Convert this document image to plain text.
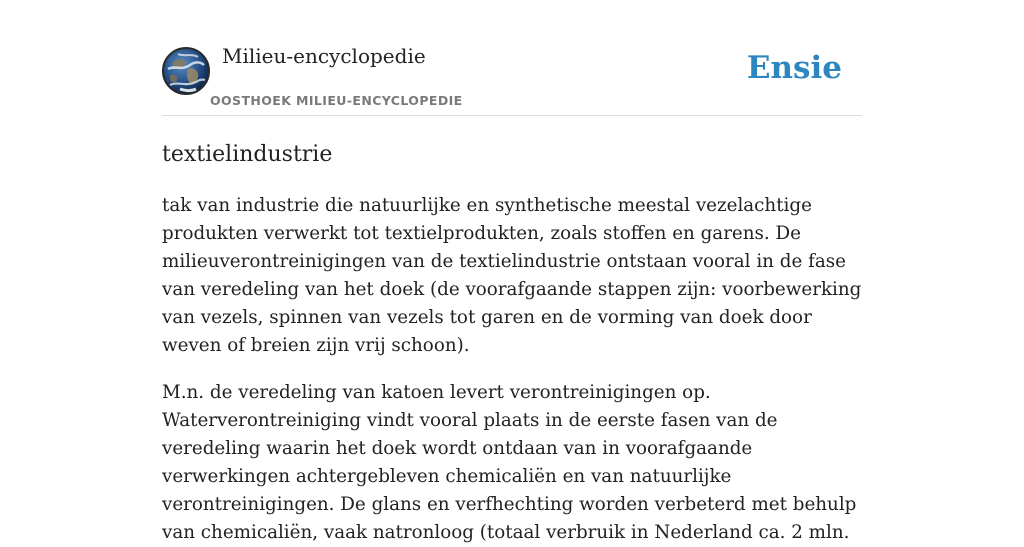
Milieu-encyclopedie
OOSTHOEK MILIEU-ENCYCLOPEDIE
Ensie
textielindustrie

tak van industrie die natuurlijke en synthetische meestal vezelachtige produkten verwerkt tot textielprodukten, zoals stoffen en garens. De milieuverontreinigingen van de textielindustrie ontstaan vooral in de fase van veredeling van het doek (de voorafgaande stappen zijn: voorbewerking van vezels, spinnen van vezels tot garen en de vorming van doek door weven of breien zijn vrij schoon).

M.n. de veredeling van katoen levert verontreinigingen op. Waterverontreiniging vindt vooral plaats in de eerste fasen van de veredeling waarin het doek wordt ontdaan van in voorafgaande verwerkingen achtergebleven chemicaliën en van natuurlijke verontreinigingen. De glans en verfhechting worden verbeterd met behulp van chemicaliën, vaak natronloog (totaal verbruik in Nederland ca. 2 mln.
